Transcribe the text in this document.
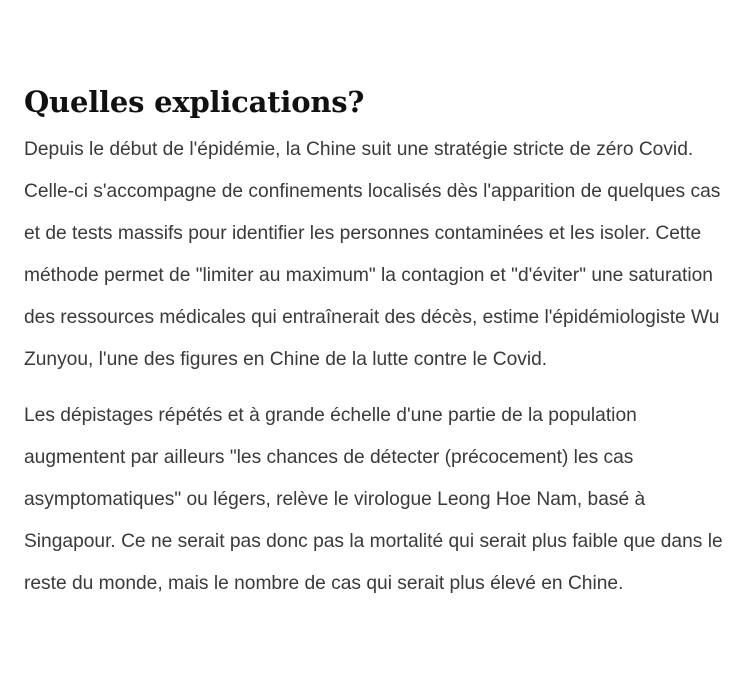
Quelles explications?

Depuis le début de l'épidémie, la Chine suit une stratégie stricte de zéro Covid. Celle-ci s'accompagne de confinements localisés dès l'apparition de quelques cas et de tests massifs pour identifier les personnes contaminées et les isoler. Cette méthode permet de "limiter au maximum" la contagion et "d'éviter" une saturation des ressources médicales qui entraînerait des décès, estime l'épidémiologiste Wu Zunyou, l'une des figures en Chine de la lutte contre le Covid.

Les dépistages répétés et à grande échelle d'une partie de la population augmentent par ailleurs "les chances de détecter (précocement) les cas asymptomatiques" ou légers, relève le virologue Leong Hoe Nam, basé à Singapour. Ce ne serait pas donc pas la mortalité qui serait plus faible que dans le reste du monde, mais le nombre de cas qui serait plus élevé en Chine.
